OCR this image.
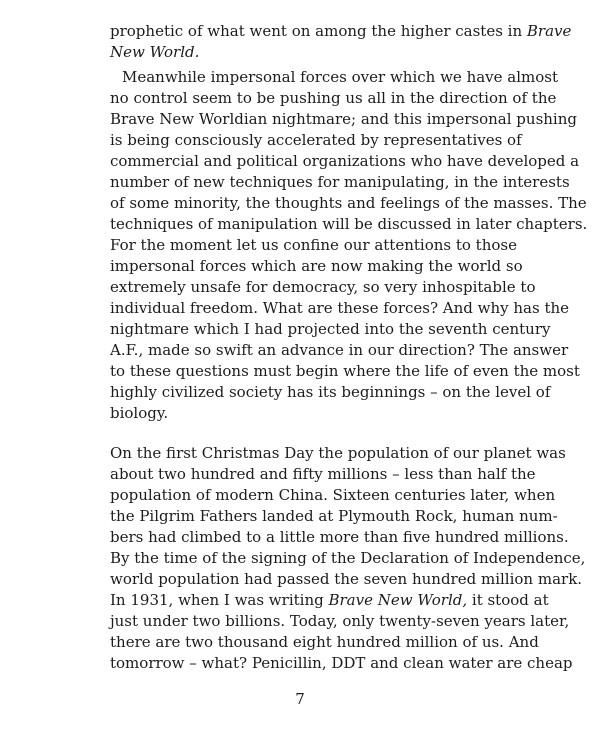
prophetic of what went on among the higher castes in Brave
New World.
Meanwhile impersonal forces over which we have almost
no control seem to be pushing us all in the direction of the
Brave New Worldian nightmare; and this impersonal pushing
is being consciously accelerated by representatives of
commercial and political organizations who have developed a
number of new techniques for manipulating, in the interests
of some minority, the thoughts and feelings of the masses. The
techniques of manipulation will be discussed in later chapters.
For the moment let us confine our attentions to those
impersonal forces which are now making the world so
extremely unsafe for democracy, so very inhospitable to
individual freedom. What are these forces? And why has the
nightmare which I had projected into the seventh century
A.F., made so swift an advance in our direction? The answer
to these questions must begin where the life of even the most
highly civilized society has its beginnings – on the level of
biology.
On the first Christmas Day the population of our planet was
about two hundred and fifty millions – less than half the
population of modern China. Sixteen centuries later, when
the Pilgrim Fathers landed at Plymouth Rock, human num-
bers had climbed to a little more than five hundred millions.
By the time of the signing of the Declaration of Independence,
world population had passed the seven hundred million mark.
In 1931, when I was writing Brave New World, it stood at
just under two billions. Today, only twenty-seven years later,
there are two thousand eight hundred million of us. And
tomorrow – what? Penicillin, DDT and clean water are cheap
7
